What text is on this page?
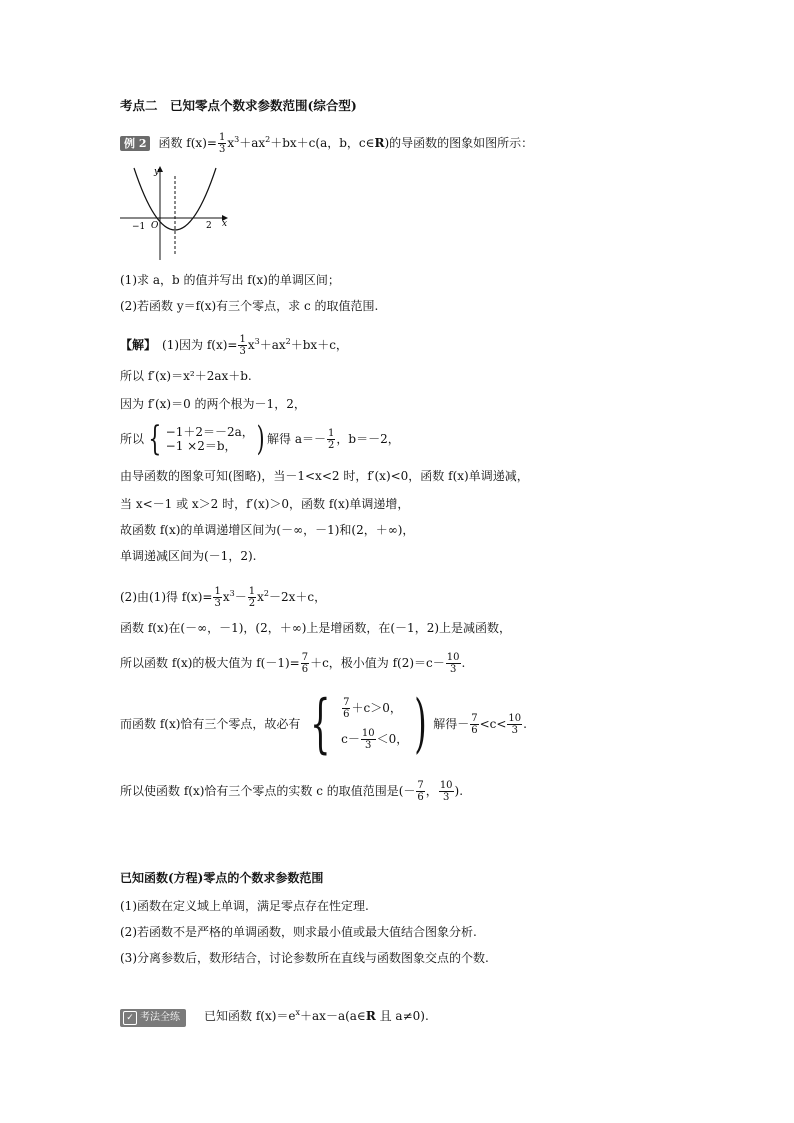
考点二　已知零点个数求参数范围(综合型)
例 2 函数 $f(x)= \frac{1}{3} x^3+ax^2+bx+c(a$，b，c∈R)的导函数的图象如图所示：
y
x
O
−1	2
(1)求 a，b 的值并写出 f(x)的单调区间；
(2)若函数 y＝f(x)有三个零点，求 c 的取值范围.
【解】　(1)因为 $f(x)= \frac{1}{3} x^3+ax^2+bx+c$，
所以 f′(x)＝x²＋2ax＋b.
因为 f′(x)＝0 的两个根为－1，2，
所以 { −1＋2＝－2a，
−1 ×2＝b， ) 解得 $a=- \frac{1}{2}$ ，b＝－2，
由导函数的图象可知(图略)，当－1<x<2 时，f′(x)<0，函数 f(x)单调递减，
当 x<－1 或 x＞2 时，f′(x)＞0，函数 f(x)单调递增，
故函数 f(x)的单调递增区间为(－∞，－1)和(2，＋∞)，
单调递减区间为(－1，2).
(2)由(1)得 $f(x)= \frac{1}{3} x^3- \frac{1}{2} x^2-2x+c$，
函数 f(x)在(－∞，－1)，(2，＋∞)上是增函数，在(－1，2)上是减函数，
所以函数 f(x)的极大值为 $f(-1)= \frac{7}{6} +c$，极小值为 $f(2)=c- \frac{10}{3}$ .
而函数 f(x)恰有三个零点，故必有 { $\frac{7}{6} +c>0$，
$c- \frac{10}{3} <0$， ) 解得－ $\frac{7}{6} <c< \frac{10}{3}$ .
所以使函数 f(x)恰有三个零点的实数 c 的取值范围是(－ $\frac{7}{6}$ ， $\frac{10}{3}$ ).
已知函数(方程)零点的个数求参数范围
(1)函数在定义域上单调，满足零点存在性定理.
(2)若函数不是严格的单调函数，则求最小值或最大值结合图象分析.
(3)分离参数后，数形结合，讨论参数所在直线与函数图象交点的个数.
✓ 考法全练 已知函数 $f(x)=e^x+ax-a(a\in R$ 且 a≠0).
